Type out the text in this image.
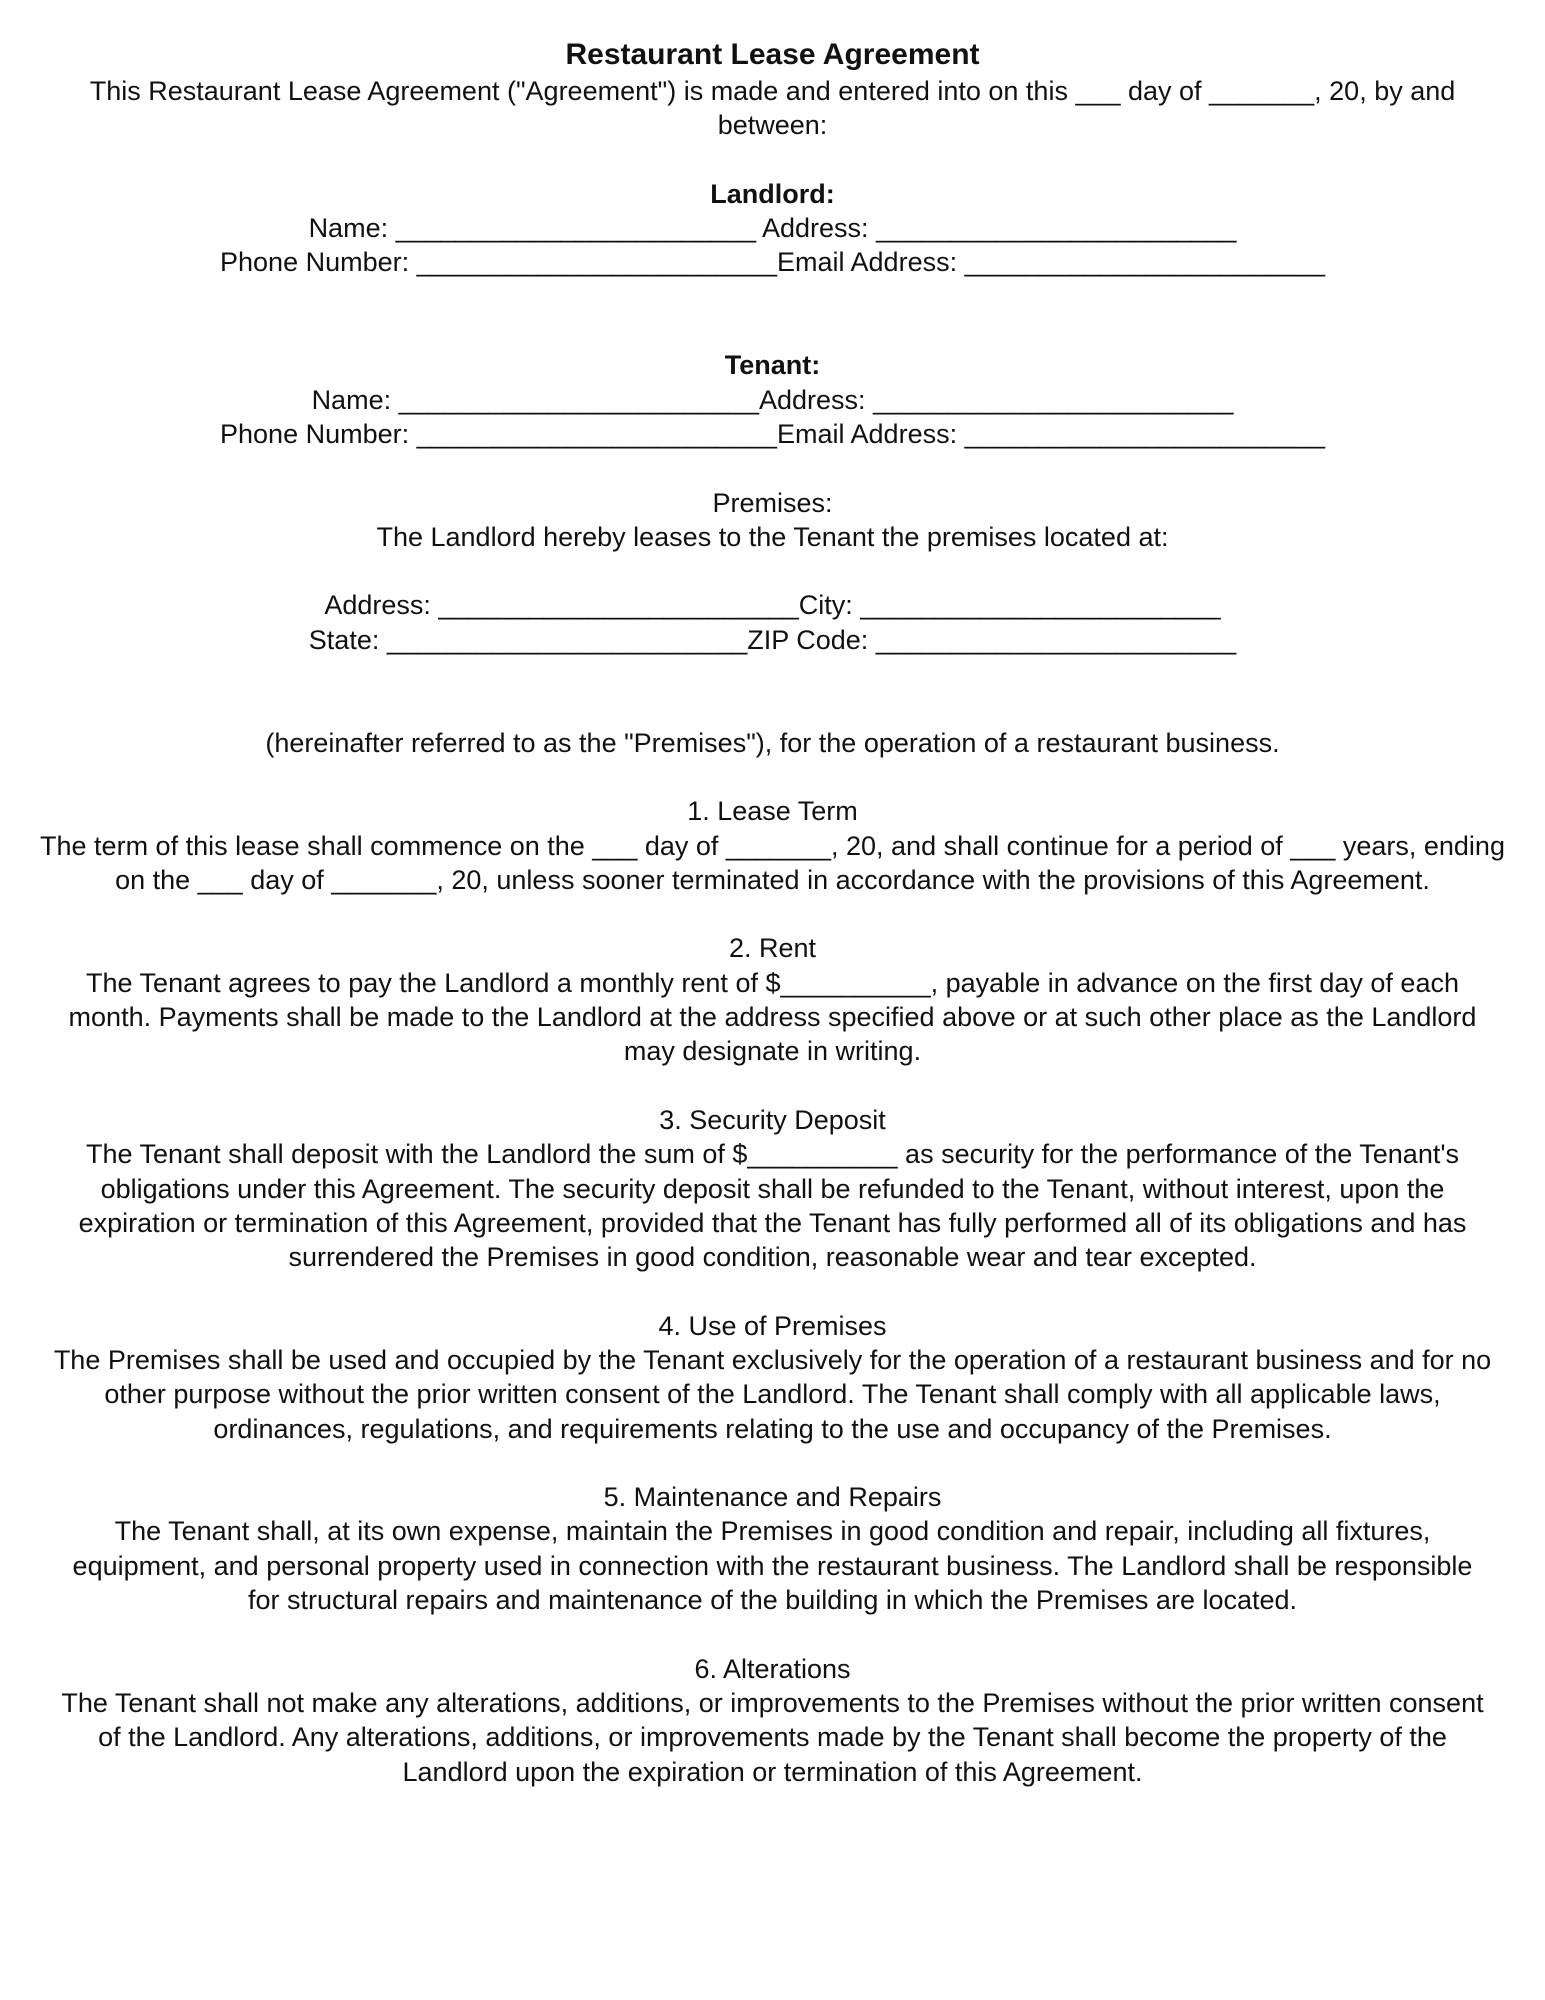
Restaurant Lease Agreement
This Restaurant Lease Agreement ("Agreement") is made and entered into on this ___ day of _______, 20, by and
between:
Landlord:
Name: ________________________ Address: ________________________
Phone Number: ________________________Email Address: ________________________
Tenant:
Name: ________________________Address: ________________________
Phone Number: ________________________Email Address: ________________________
Premises:
The Landlord hereby leases to the Tenant the premises located at:
Address: ________________________City: ________________________
State: ________________________ZIP Code: ________________________
(hereinafter referred to as the "Premises"), for the operation of a restaurant business.
1. Lease Term
The term of this lease shall commence on the ___ day of _______, 20, and shall continue for a period of ___ years, ending
on the ___ day of _______, 20, unless sooner terminated in accordance with the provisions of this Agreement.
2. Rent
The Tenant agrees to pay the Landlord a monthly rent of $__________, payable in advance on the first day of each
month. Payments shall be made to the Landlord at the address specified above or at such other place as the Landlord
may designate in writing.
3. Security Deposit
The Tenant shall deposit with the Landlord the sum of $__________ as security for the performance of the Tenant's
obligations under this Agreement. The security deposit shall be refunded to the Tenant, without interest, upon the
expiration or termination of this Agreement, provided that the Tenant has fully performed all of its obligations and has
surrendered the Premises in good condition, reasonable wear and tear excepted.
4. Use of Premises
The Premises shall be used and occupied by the Tenant exclusively for the operation of a restaurant business and for no
other purpose without the prior written consent of the Landlord. The Tenant shall comply with all applicable laws,
ordinances, regulations, and requirements relating to the use and occupancy of the Premises.
5. Maintenance and Repairs
The Tenant shall, at its own expense, maintain the Premises in good condition and repair, including all fixtures,
equipment, and personal property used in connection with the restaurant business. The Landlord shall be responsible
for structural repairs and maintenance of the building in which the Premises are located.
6. Alterations
The Tenant shall not make any alterations, additions, or improvements to the Premises without the prior written consent
of the Landlord. Any alterations, additions, or improvements made by the Tenant shall become the property of the
Landlord upon the expiration or termination of this Agreement.
